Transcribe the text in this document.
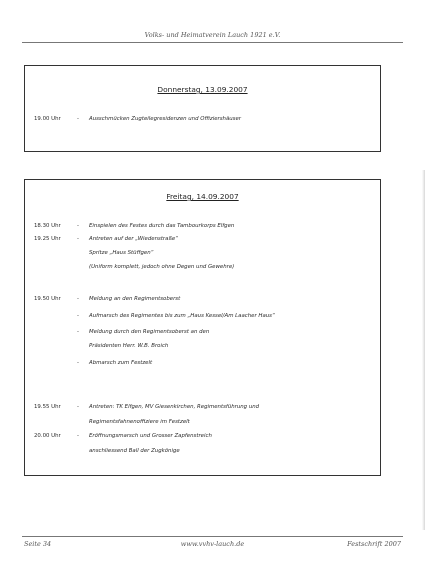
Volks- und Heimatverein Lauch 1921 e.V.
Donnerstag, 13.09.2007
19.00 Uhr	- Ausschmücken Zugteilegresidenzen und Offiziershäuser
Freitag, 14.09.2007
18.30 Uhr	- Einspielen des Festes durch das Tambourkorps Elfgen
19.25 Uhr	- Antreten auf der „Wiedenstraße“
Spritze „Haus Stüffgen“
(Uniform komplett, jedoch ohne Degen und Gewehre)
19.50 Uhr	- Meldung an den Regimentsoberst
- Aufmarsch des Regimentes bis zum „Haus Kessel/Am Laacher Haus“
- Meldung durch den Regimentsoberst an den
Präsidenten Herr. W.B. Broich
- Abmarsch zum Festzelt
19.55 Uhr	- Antreten: TK Elfgen, MV Giesenkirchen, Regimentsführung und
Regimentsfahnenoffiziere im Festzelt
20.00 Uhr	- Eröffnungsmarsch und Grosser Zapfenstreich
anschliessend Ball der Zugkönige
Seite 34	www.vvhv-lauch.de	Festschrift 2007
